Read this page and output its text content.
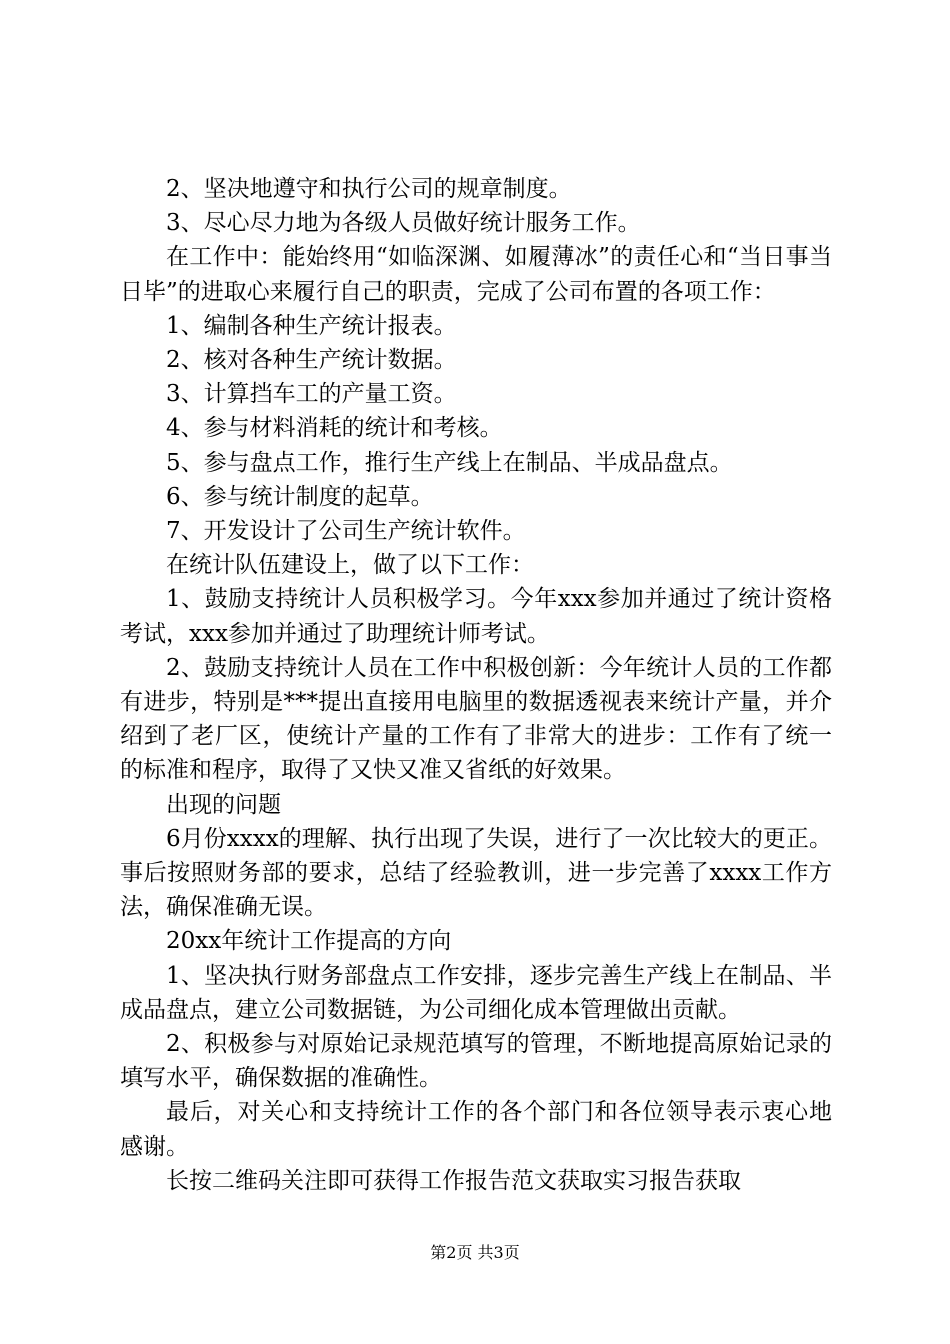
2、坚决地遵守和执行公司的规章制度。

3、尽心尽力地为各级人员做好统计服务工作。

在工作中：能始终用“如临深渊、如履薄冰”的责任心和“当日事当日毕”的进取心来履行自己的职责，完成了公司布置的各项工作：

1、编制各种生产统计报表。

2、核对各种生产统计数据。

3、计算挡车工的产量工资。

4、参与材料消耗的统计和考核。

5、参与盘点工作，推行生产线上在制品、半成品盘点。

6、参与统计制度的起草。

7、开发设计了公司生产统计软件。

在统计队伍建设上，做了以下工作：

1、鼓励支持统计人员积极学习。今年xxx参加并通过了统计资格考试，xxx参加并通过了助理统计师考试。

2、鼓励支持统计人员在工作中积极创新：今年统计人员的工作都有进步，特别是***提出直接用电脑里的数据透视表来统计产量，并介绍到了老厂区，使统计产量的工作有了非常大的进步：工作有了统一的标准和程序，取得了又快又准又省纸的好效果。

出现的问题

6月份xxxx的理解、执行出现了失误，进行了一次比较大的更正。事后按照财务部的要求，总结了经验教训，进一步完善了xxxx工作方法，确保准确无误。

20xx年统计工作提高的方向

1、坚决执行财务部盘点工作安排，逐步完善生产线上在制品、半成品盘点，建立公司数据链，为公司细化成本管理做出贡献。

2、积极参与对原始记录规范填写的管理，不断地提高原始记录的填写水平，确保数据的准确性。

最后，对关心和支持统计工作的各个部门和各位领导表示衷心地感谢。

长按二维码关注即可获得工作报告范文获取实习报告获取

第2页 共3页
